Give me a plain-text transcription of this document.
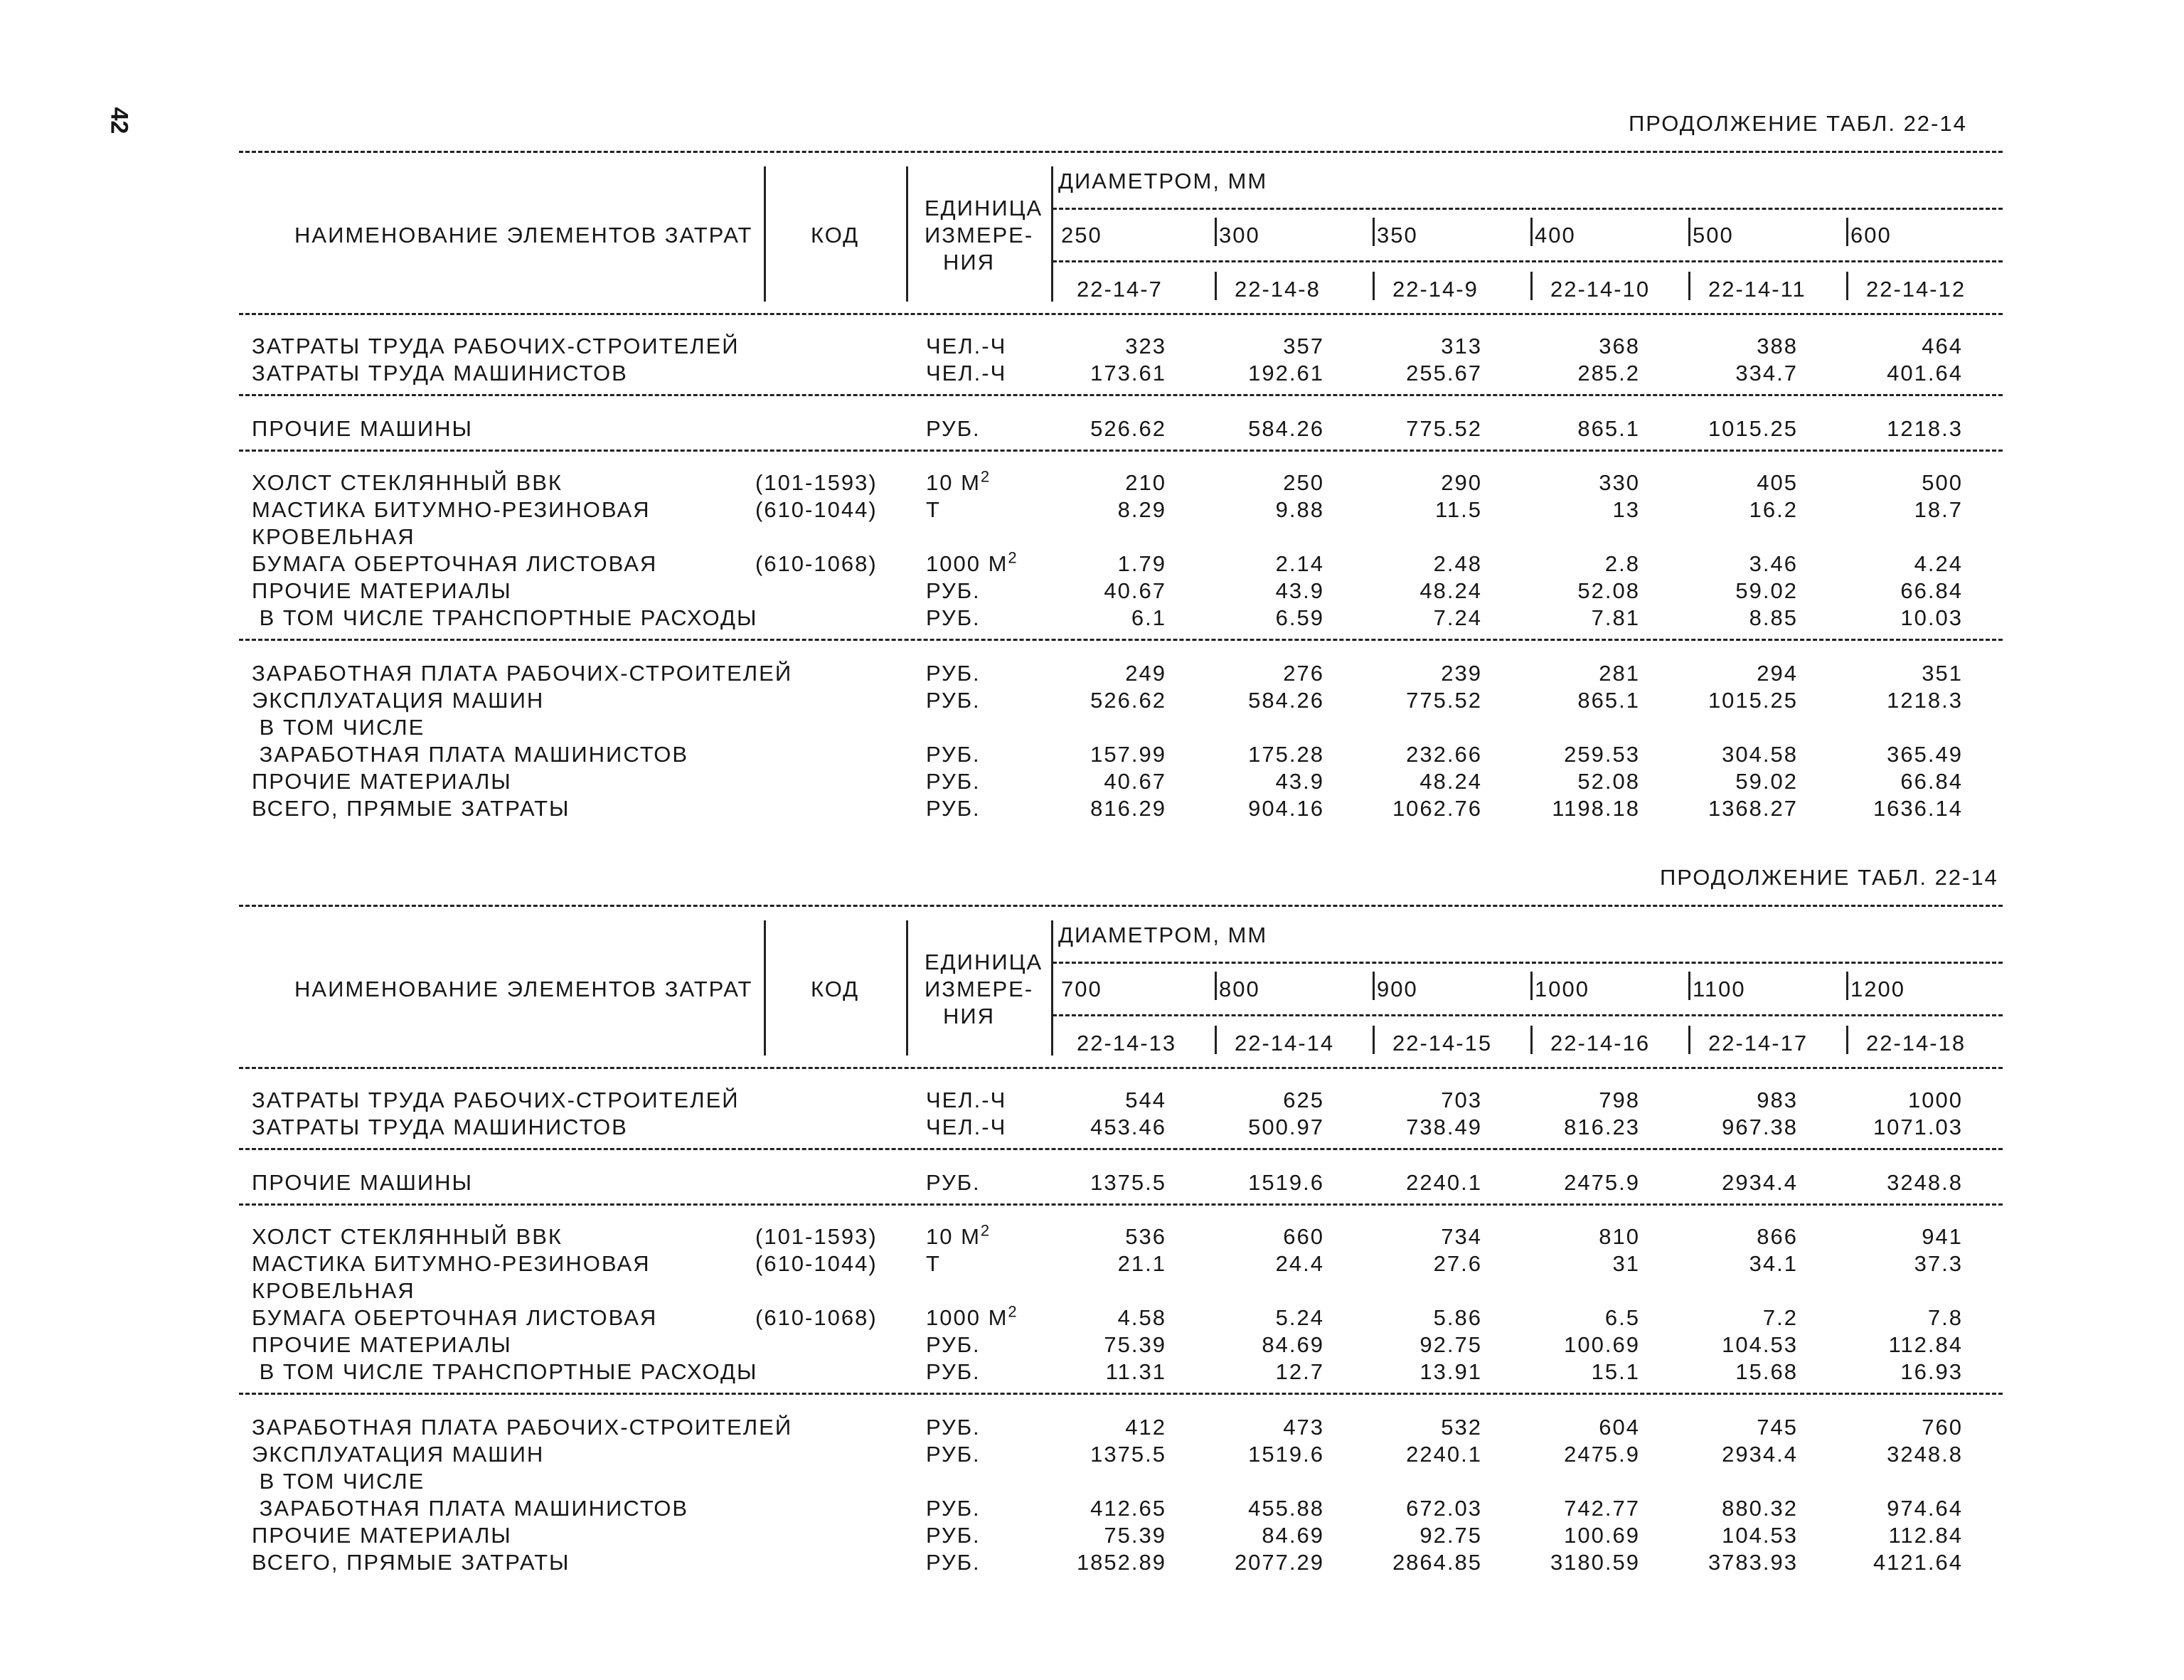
42	ПРОДОЛЖЕНИЕ ТАБЛ. 22-14
НАИМЕНОВАНИЕ ЭЛЕМЕНТОВ ЗАТРАТ	КОД
ЕДИНИЦА
ИЗМЕРЕ-
НИЯ
ДИАМЕТРОМ, ММ
250	300	350	400	500	600
22-14-7	22-14-8	22-14-9	22-14-10	22-14-11	22-14-12
ЗАТРАТЫ ТРУДА РАБОЧИХ-СТРОИТЕЛЕЙ	ЧЕЛ.-Ч	323	357	313	368	388	464
ЗАТРАТЫ ТРУДА МАШИНИСТОВ	ЧЕЛ.-Ч	173.61	192.61	255.67	285.2	334.7	401.64
ПРОЧИЕ МАШИНЫ	РУБ.	526.62	584.26	775.52	865.1	1015.25	1218.3
ХОЛСТ СТЕКЛЯННЫЙ ВВК	(101-1593) 10 $М^2$	210	250	290	330	405	500
МАСТИКА БИТУМНО-РЕЗИНОВАЯ	(610-1044) Т	8.29	9.88	11.5	13	16.2	18.7
КРОВЕЛЬНАЯ
БУМАГА ОБЕРТОЧНАЯ ЛИСТОВАЯ	(610-1068) 1000 $М^2$	1.79	2.14	2.48	2.8	3.46	4.24
ПРОЧИЕ МАТЕРИАЛЫ	РУБ.	40.67	43.9	48.24	52.08	59.02	66.84
В ТОМ ЧИСЛЕ ТРАНСПОРТНЫЕ РАСХОДЫ	РУБ.	6.1	6.59	7.24	7.81	8.85	10.03
ЗАРАБОТНАЯ ПЛАТА РАБОЧИХ-СТРОИТЕЛЕЙ	РУБ.	249	276	239	281	294	351
ЭКСПЛУАТАЦИЯ МАШИН	РУБ.	526.62	584.26	775.52	865.1	1015.25	1218.3
В ТОМ ЧИСЛЕ
ЗАРАБОТНАЯ ПЛАТА МАШИНИСТОВ	РУБ.	157.99	175.28	232.66	259.53	304.58	365.49
ПРОЧИЕ МАТЕРИАЛЫ	РУБ.	40.67	43.9	48.24	52.08	59.02	66.84
ВСЕГО, ПРЯМЫЕ ЗАТРАТЫ	РУБ.	816.29	904.16	1062.76	1198.18	1368.27	1636.14
ПРОДОЛЖЕНИЕ ТАБЛ. 22-14
НАИМЕНОВАНИЕ ЭЛЕМЕНТОВ ЗАТРАТ	КОД
ЕДИНИЦА
ИЗМЕРЕ-
НИЯ
ДИАМЕТРОМ, ММ
700	800	900	1000	1100	1200
22-14-13	22-14-14	22-14-15	22-14-16	22-14-17	22-14-18
ЗАТРАТЫ ТРУДА РАБОЧИХ-СТРОИТЕЛЕЙ	ЧЕЛ.-Ч	544	625	703	798	983	1000
ЗАТРАТЫ ТРУДА МАШИНИСТОВ	ЧЕЛ.-Ч	453.46	500.97	738.49	816.23	967.38	1071.03
ПРОЧИЕ МАШИНЫ	РУБ.	1375.5	1519.6	2240.1	2475.9	2934.4	3248.8
ХОЛСТ СТЕКЛЯННЫЙ ВВК	(101-1593) 10 $М^2$	536	660	734	810	866	941
МАСТИКА БИТУМНО-РЕЗИНОВАЯ	(610-1044) Т	21.1	24.4	27.6	31	34.1	37.3
КРОВЕЛЬНАЯ
БУМАГА ОБЕРТОЧНАЯ ЛИСТОВАЯ	(610-1068) 1000 $М^2$	4.58	5.24	5.86	6.5	7.2	7.8
ПРОЧИЕ МАТЕРИАЛЫ	РУБ.	75.39	84.69	92.75	100.69	104.53	112.84
В ТОМ ЧИСЛЕ ТРАНСПОРТНЫЕ РАСХОДЫ	РУБ.	11.31	12.7	13.91	15.1	15.68	16.93
ЗАРАБОТНАЯ ПЛАТА РАБОЧИХ-СТРОИТЕЛЕЙ	РУБ.	412	473	532	604	745	760
ЭКСПЛУАТАЦИЯ МАШИН	РУБ.	1375.5	1519.6	2240.1	2475.9	2934.4	3248.8
В ТОМ ЧИСЛЕ
ЗАРАБОТНАЯ ПЛАТА МАШИНИСТОВ	РУБ.	412.65	455.88	672.03	742.77	880.32	974.64
ПРОЧИЕ МАТЕРИАЛЫ	РУБ.	75.39	84.69	92.75	100.69	104.53	112.84
ВСЕГО, ПРЯМЫЕ ЗАТРАТЫ	РУБ.	1852.89	2077.29	2864.85	3180.59	3783.93	4121.64
